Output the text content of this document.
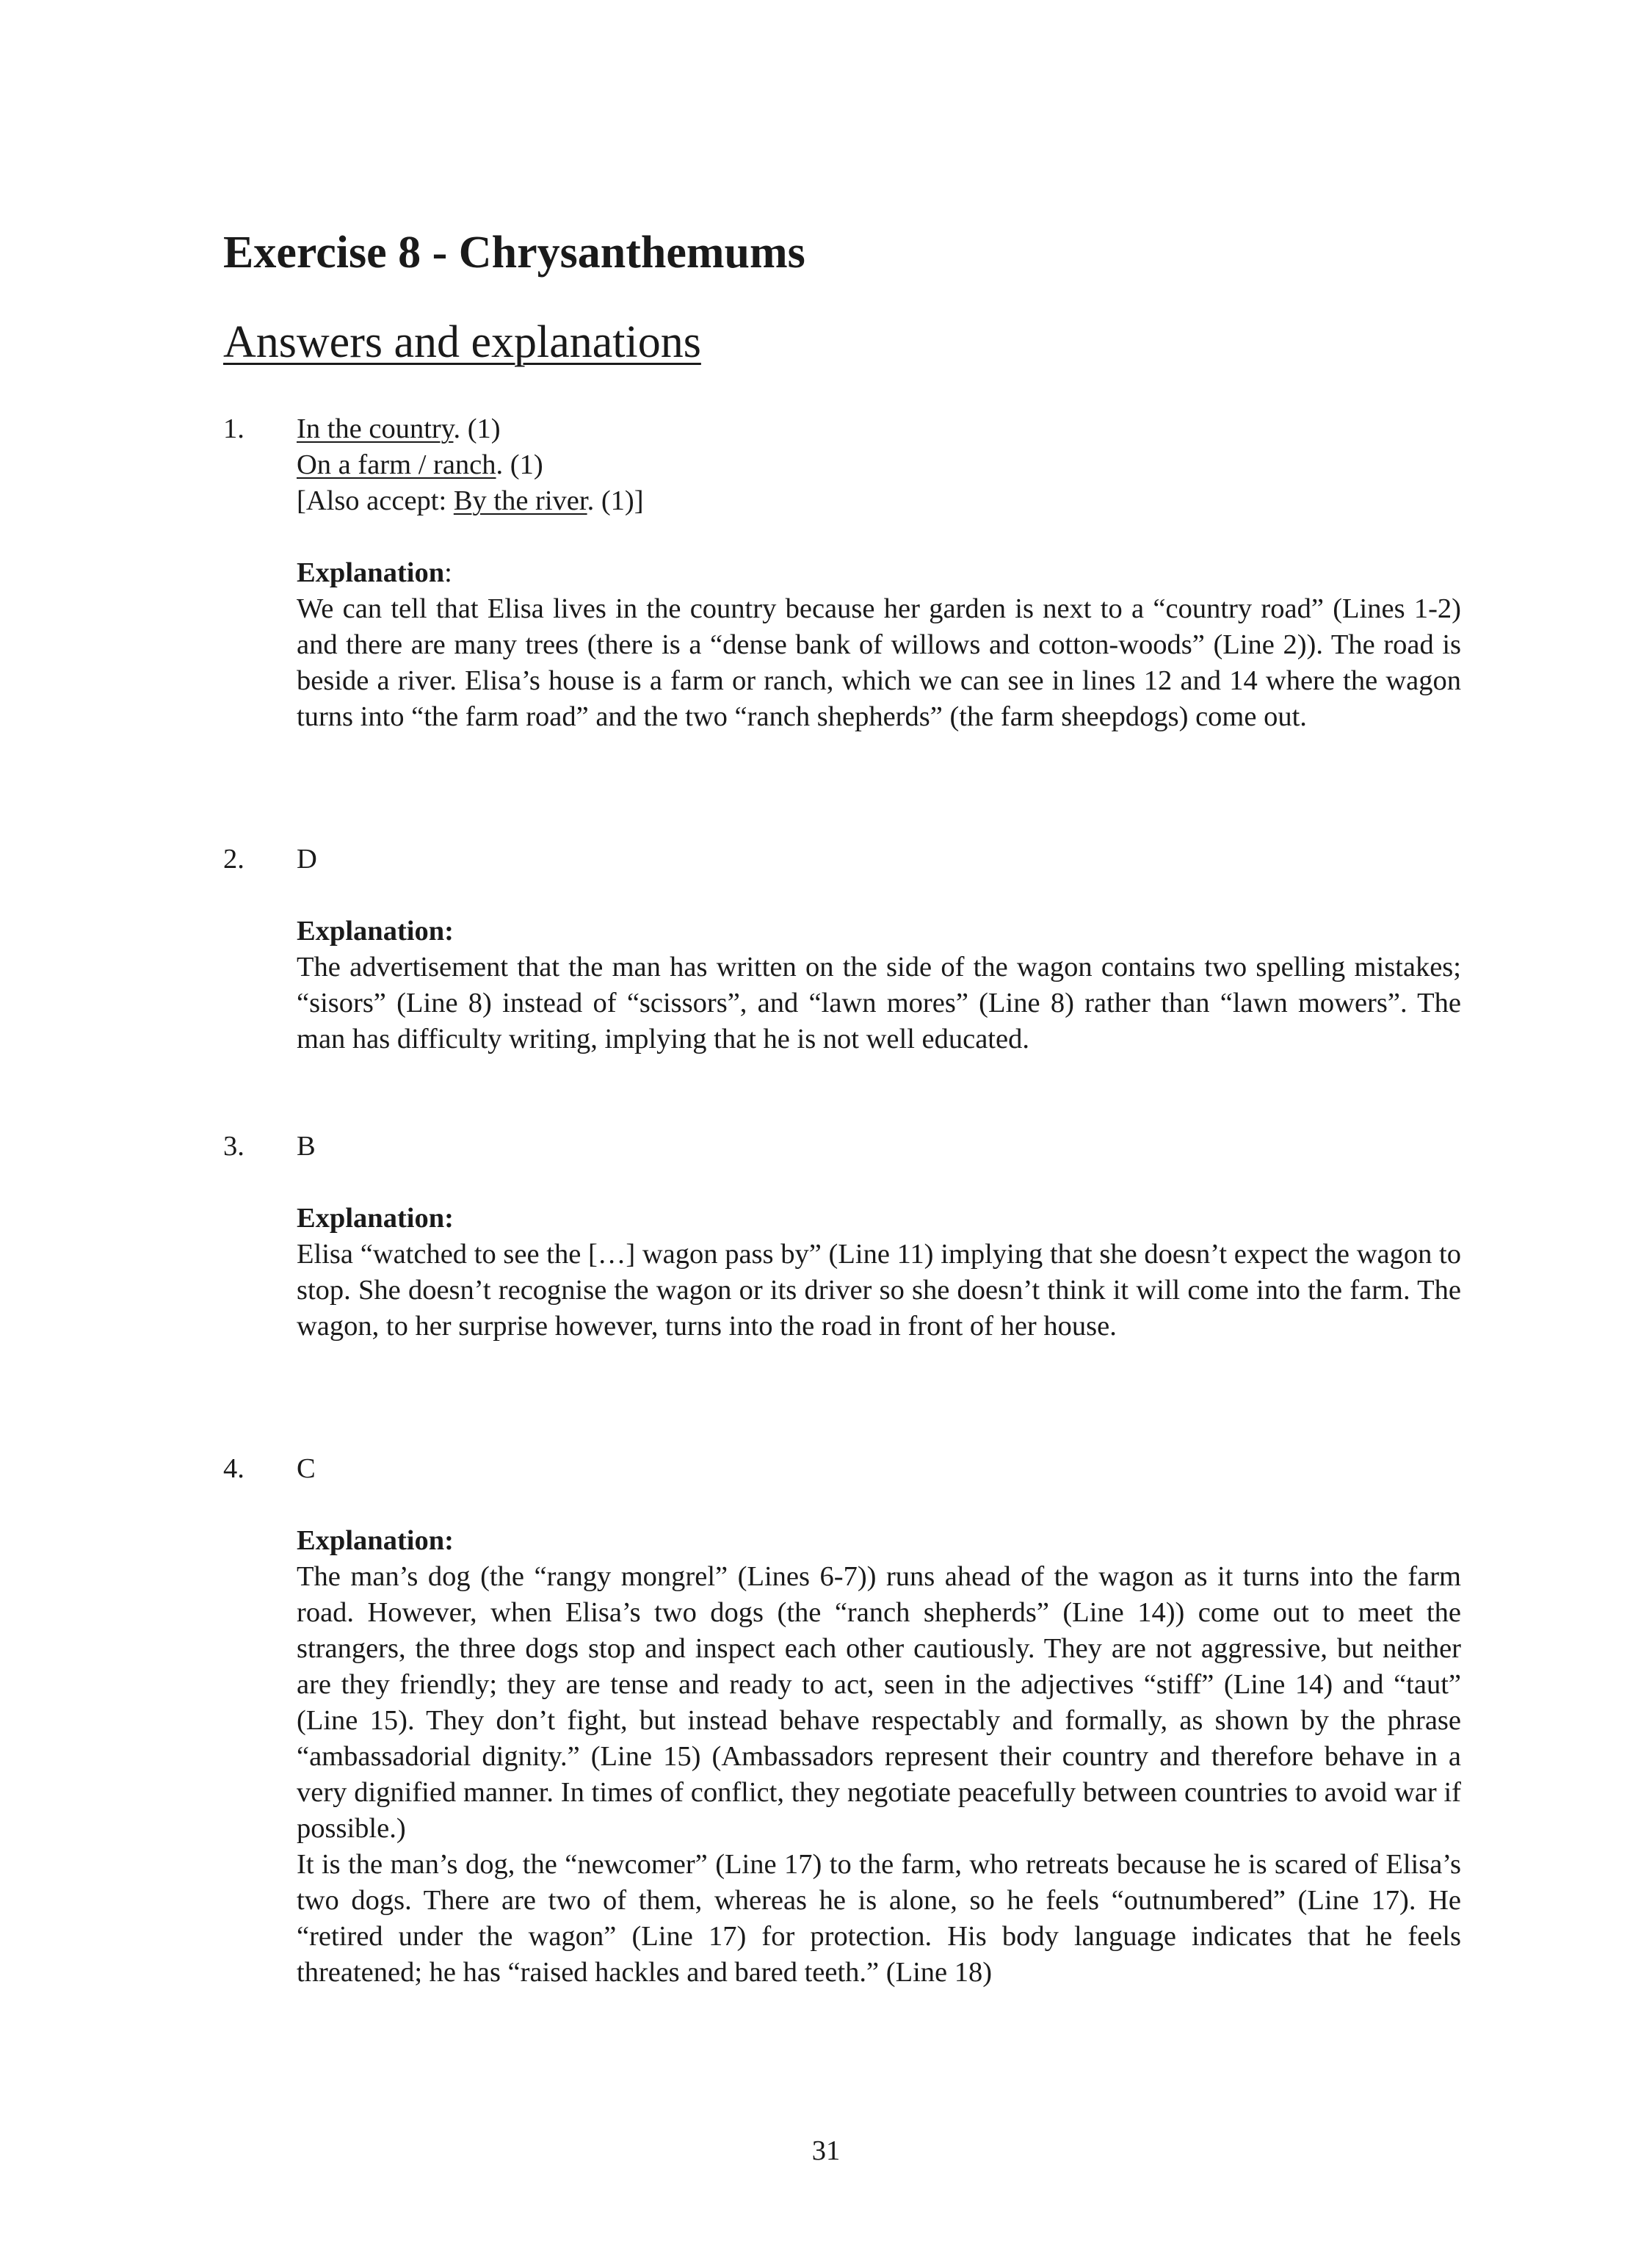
Exercise 8 - Chrysanthemums
Answers and explanations
1.	In the country. (1)

On a farm / ranch. (1)

[Also accept: By the river. (1)]

Explanation:

We can tell that Elisa lives in the country because her garden is next to a “country road” (Lines 1-2) and there are many trees (there is a “dense bank of willows and cotton-woods” (Line 2)). The road is beside a river. Elisa’s house is a farm or ranch, which we can see in lines 12 and 14 where the wagon turns into “the farm road” and the two “ranch shepherds” (the farm sheepdogs) come out.

2.	D

Explanation:

The advertisement that the man has written on the side of the wagon contains two spelling mistakes; “sisors” (Line 8) instead of “scissors”, and “lawn mores” (Line 8) rather than “lawn mowers”. The man has difficulty writing, implying that he is not well educated.

3.	B

Explanation:

Elisa “watched to see the […] wagon pass by” (Line 11) implying that she doesn’t expect the wagon to stop. She doesn’t recognise the wagon or its driver so she doesn’t think it will come into the farm. The wagon, to her surprise however, turns into the road in front of her house.

4.	C

Explanation:

The man’s dog (the “rangy mongrel” (Lines 6-7)) runs ahead of the wagon as it turns into the farm road. However, when Elisa’s two dogs (the “ranch shepherds” (Line 14)) come out to meet the strangers, the three dogs stop and inspect each other cautiously. They are not aggressive, but neither are they friendly; they are tense and ready to act, seen in the adjectives “stiff” (Line 14) and “taut” (Line 15). They don’t fight, but instead behave respectably and formally, as shown by the phrase “ambassadorial dignity.” (Line 15) (Ambassadors represent their country and therefore behave in a very dignified manner. In times of conflict, they negotiate peacefully between countries to avoid war if possible.)

It is the man’s dog, the “newcomer” (Line 17) to the farm, who retreats because he is scared of Elisa’s two dogs. There are two of them, whereas he is alone, so he feels “outnumbered” (Line 17). He “retired under the wagon” (Line 17) for protection. His body language indicates that he feels threatened; he has “raised hackles and bared teeth.” (Line 18)

31
